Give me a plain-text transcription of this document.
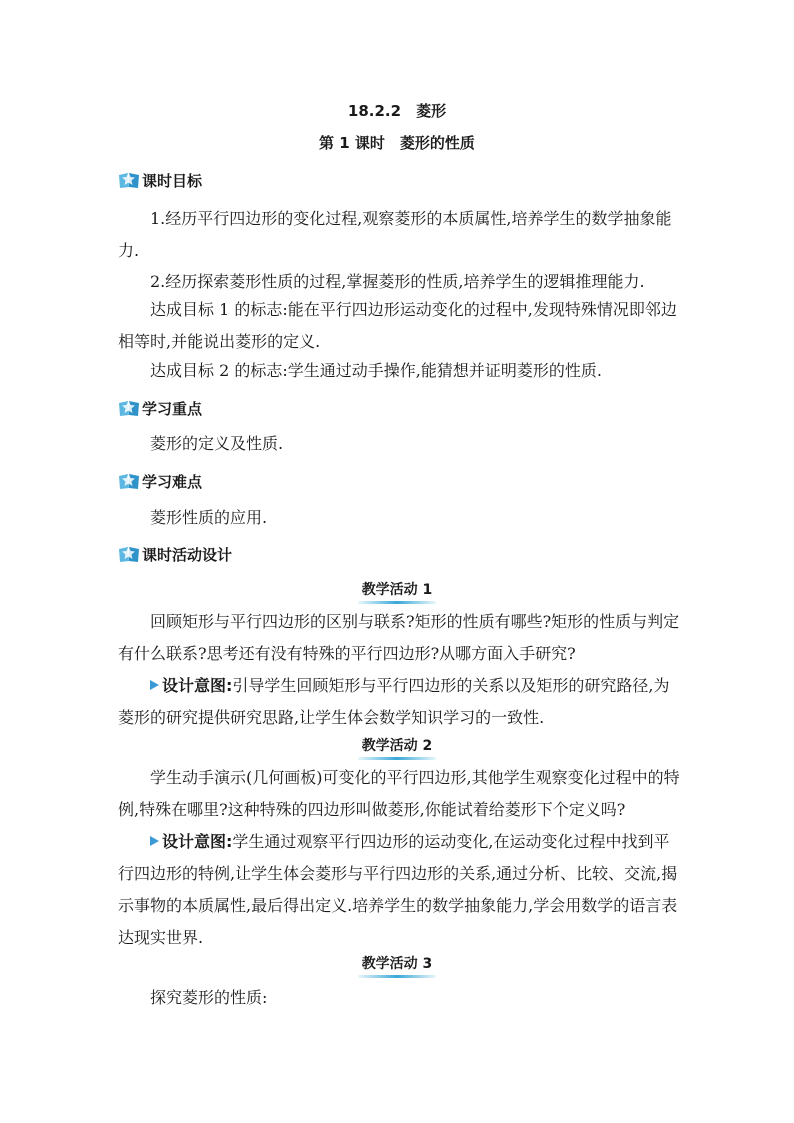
18.2.2　菱形
第 1 课时　菱形的性质
课时目标

1.经历平行四边形的变化过程,观察菱形的本质属性,培养学生的数学抽象能力.

2.经历探索菱形性质的过程,掌握菱形的性质,培养学生的逻辑推理能力.

达成目标 1 的标志:能在平行四边形运动变化的过程中,发现特殊情况即邻边相等时,并能说出菱形的定义.

达成目标 2 的标志:学生通过动手操作,能猜想并证明菱形的性质.

学习重点

菱形的定义及性质.

学习难点

菱形性质的应用.

课时活动设计
教学活动 1

回顾矩形与平行四边形的区别与联系?矩形的性质有哪些?矩形的性质与判定有什么联系?思考还有没有特殊的平行四边形?从哪方面入手研究?

设计意图:引导学生回顾矩形与平行四边形的关系以及矩形的研究路径,为菱形的研究提供研究思路,让学生体会数学知识学习的一致性.

教学活动 2

学生动手演示(几何画板)可变化的平行四边形,其他学生观察变化过程中的特例,特殊在哪里?这种特殊的四边形叫做菱形,你能试着给菱形下个定义吗?

设计意图:学生通过观察平行四边形的运动变化,在运动变化过程中找到平行四边形的特例,让学生体会菱形与平行四边形的关系,通过分析、比较、交流,揭示事物的本质属性,最后得出定义.培养学生的数学抽象能力,学会用数学的语言表达现实世界.

教学活动 3

探究菱形的性质:
